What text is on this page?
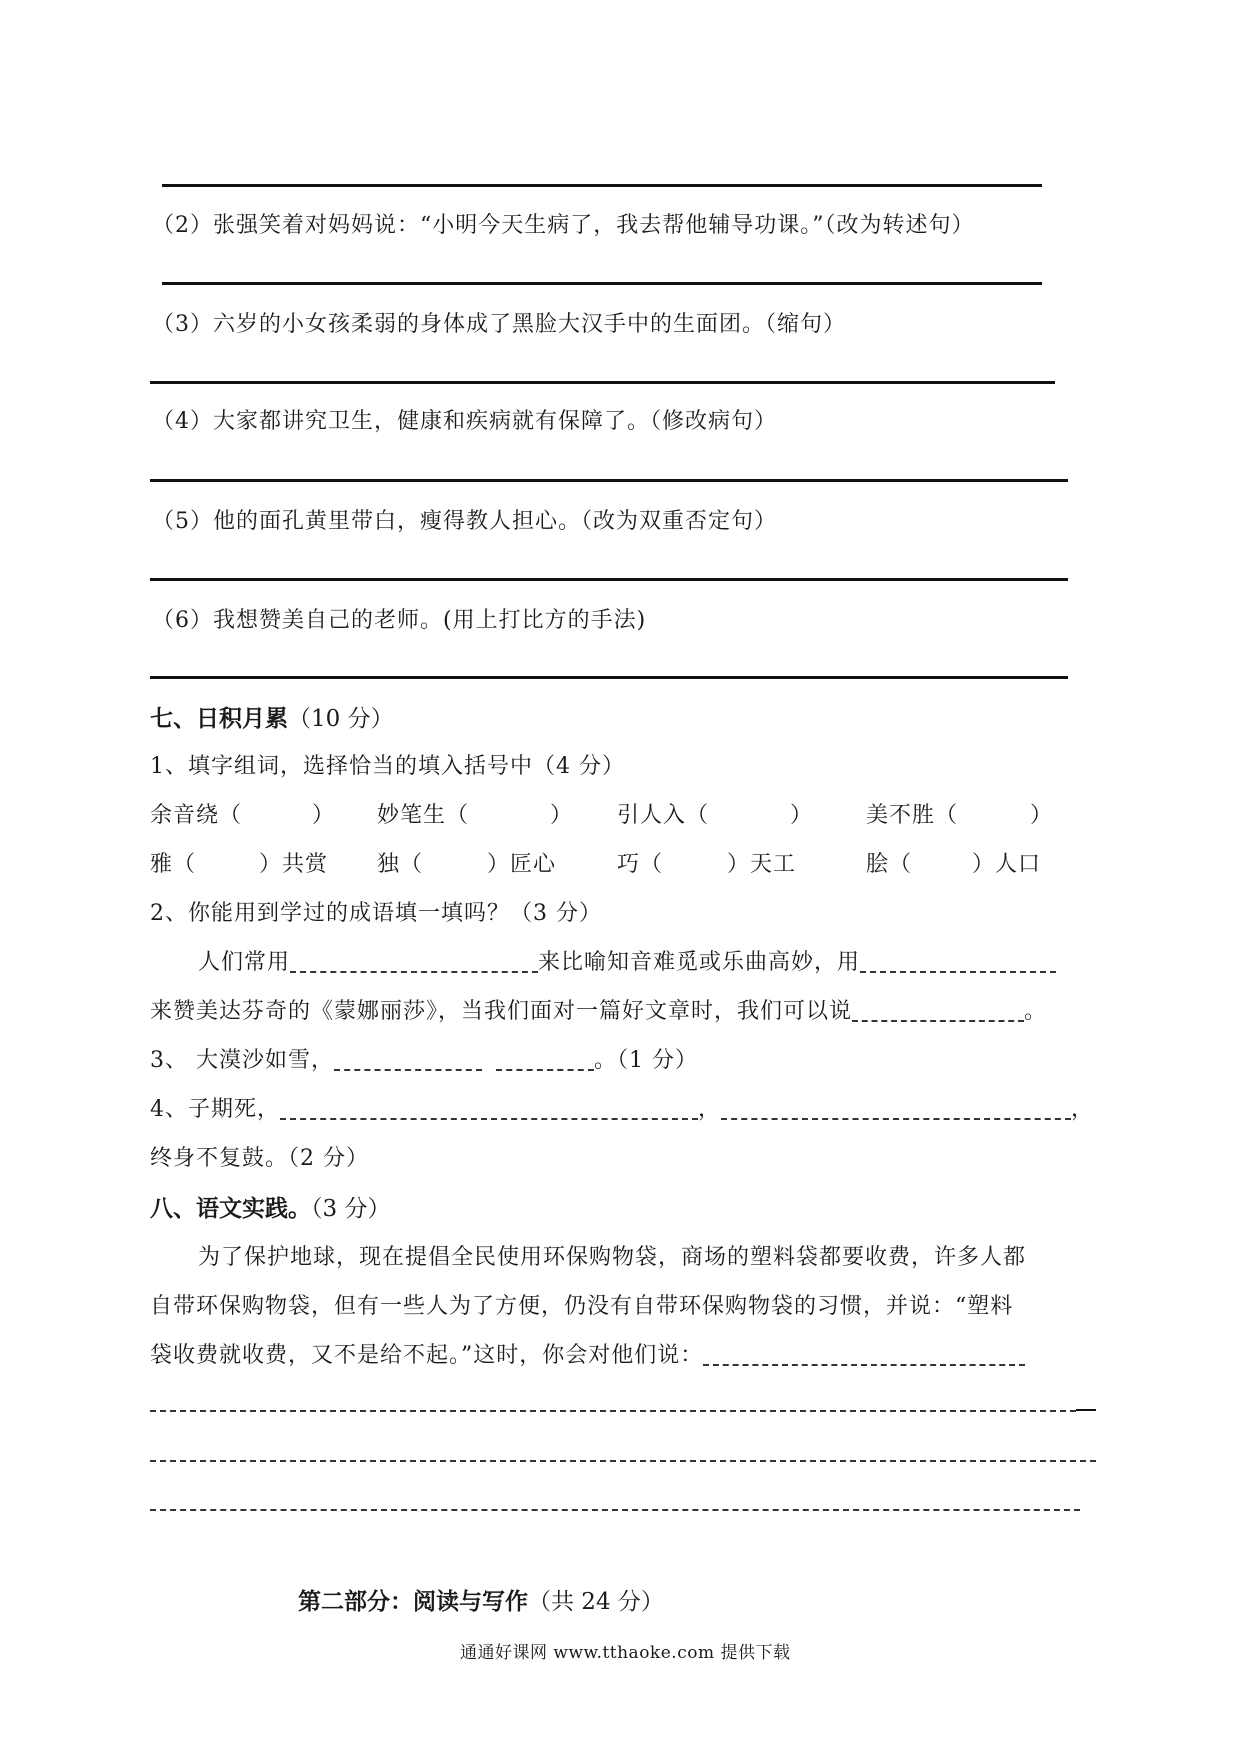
（2）张强笑着对妈妈说：“小明今天生病了，我去帮他辅导功课。”（改为转述句）
（3）六岁的小女孩柔弱的身体成了黑脸大汉手中的生面团。（缩句）
（4）大家都讲究卫生，健康和疾病就有保障了。（修改病句）
（5）他的面孔黄里带白，瘦得教人担心。（改为双重否定句）
（6）我想赞美自己的老师。(用上打比方的手法)
七、日积月累（10 分）
1、填字组词，选择恰当的填入括号中（4 分）
余音绕（	） 妙笔生（	） 引人入（	） 美不胜（	）
雅（	）共赏 独（	）匠心	巧（	）天工	脍（	）人口
2、你能用到学过的成语填一填吗？（3 分）
人们常用	来比喻知音难觅或乐曲高妙，用
来赞美达芬奇的《蒙娜丽莎》，当我们面对一篇好文章时，我们可以说	。
3、 大漠沙如雪，	。（1 分）
4、子期死，	，	，
终身不复鼓。（2 分）
八、语文实践。（3 分）
为了保护地球，现在提倡全民使用环保购物袋，商场的塑料袋都要收费，许多人都
自带环保购物袋，但有一些人为了方便，仍没有自带环保购物袋的习惯，并说：“塑料
袋收费就收费，又不是给不起。”这时，你会对他们说：
第二部分：阅读与写作（共 24 分）
通通好课网 www.tthaoke.com 提供下载
